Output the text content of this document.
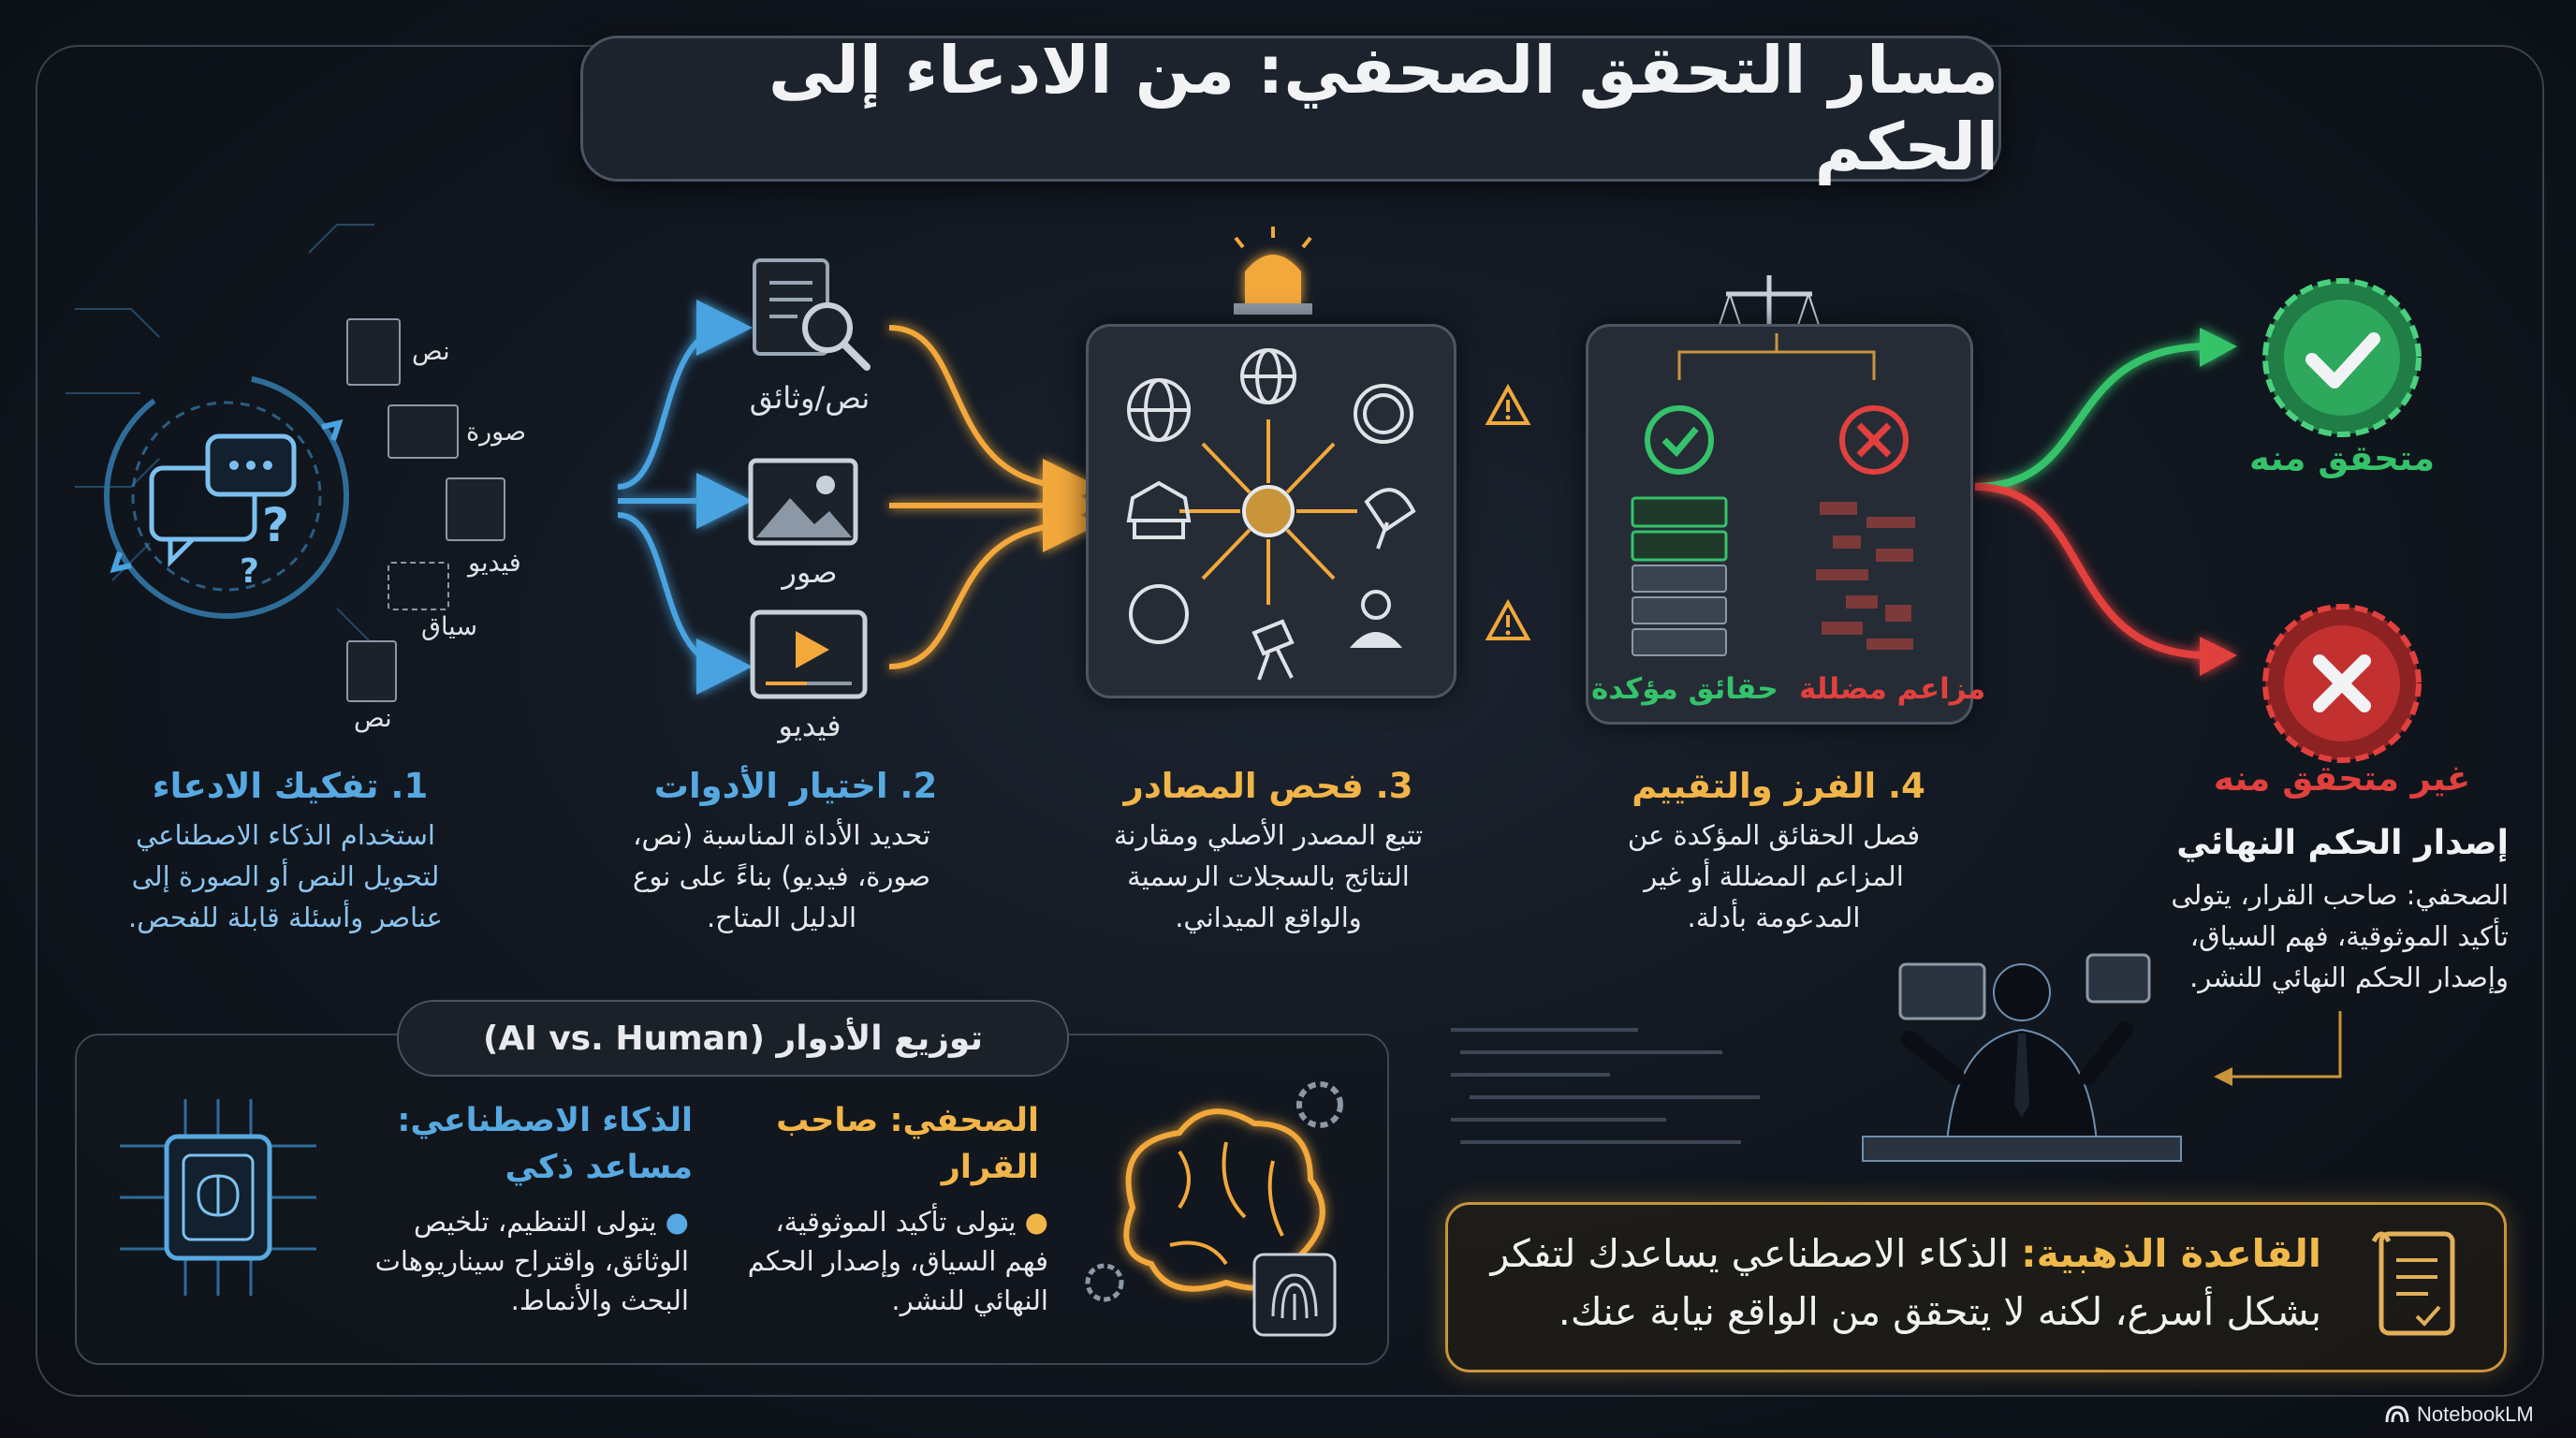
مسار التحقق الصحفي: من الادعاء إلى الحكم
?
?
نص
صورة
فيديو
سياق
نص
1. تفكيك الادعاء
استخدام الذكاء الاصطناعي لتحويل النص أو الصورة إلى عناصر وأسئلة قابلة للفحص.
نص/وثائق
صور
فيديو
2. اختيار الأدوات
تحديد الأداة المناسبة (نص، صورة، فيديو) بناءً على نوع الدليل المتاح.
3. فحص المصادر
تتبع المصدر الأصلي ومقارنة النتائج بالسجلات الرسمية والواقع الميداني.
حقائق مؤكدة مزاعم مضللة
4. الفرز والتقييم
فصل الحقائق المؤكدة عن المزاعم المضللة أو غير المدعومة بأدلة.
متحقق منه
غير متحقق منه
إصدار الحكم النهائي
الصحفي: صاحب القرار، يتولى تأكيد الموثوقية، فهم السياق، وإصدار الحكم النهائي للنشر.
توزيع الأدوار (AI vs. Human)
الذكاء الاصطناعي: مساعد ذكي
● يتولى التنظيم، تلخيص الوثائق، واقتراح سيناريوهات البحث والأنماط.
الصحفي: صاحب القرار
● يتولى تأكيد الموثوقية، فهم السياق، وإصدار الحكم النهائي للنشر.
القاعدة الذهبية: الذكاء الاصطناعي يساعدك لتفكر بشكل أسرع، لكنه لا يتحقق من الواقع نيابة عنك.
NotebookLM
